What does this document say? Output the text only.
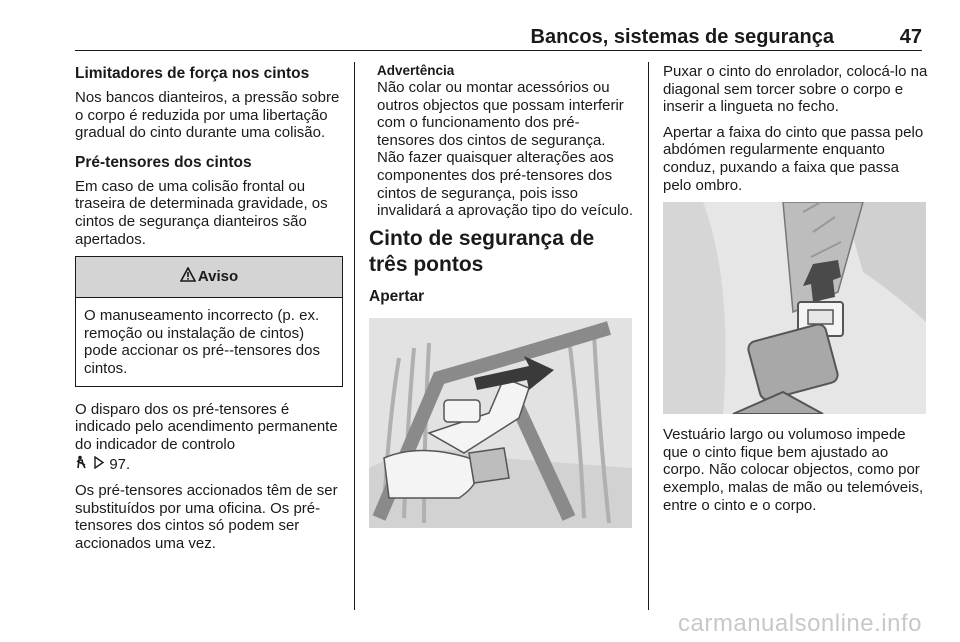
Bancos, sistemas de segurança	47
Limitadores de força nos cintos

Nos bancos dianteiros, a pressão sobre o corpo é reduzida por uma libertação gradual do cinto durante uma colisão.

Pré-tensores dos cintos

Em caso de uma colisão frontal ou traseira de determinada gravidade, os cintos de segurança dianteiros são apertados.

Aviso
O manuseamento incorrecto (p. ex. remoção ou instalação de cintos) pode accionar os pré--tensores dos cintos.

O disparo dos os pré-tensores é indicado pelo acendimento permanente do indicador de controlo

97.

Os pré-tensores accionados têm de ser substituídos por uma oficina. Os pré-tensores dos cintos só podem ser accionados uma vez.

Advertência
Não colar ou montar acessórios ou outros objectos que possam interferir com o funcionamento dos pré-tensores dos cintos de segurança. Não fazer quaisquer alterações aos componentes dos pré-tensores dos cintos de segurança, pois isso invalidará a aprovação tipo do veículo.
Cinto de segurança de três pontos
Apertar

Puxar o cinto do enrolador, colocá-lo na diagonal sem torcer sobre o corpo e inserir a lingueta no fecho.

Apertar a faixa do cinto que passa pelo abdómen regularmente enquanto conduz, puxando a faixa que passa pelo ombro.

Vestuário largo ou volumoso impede que o cinto fique bem ajustado ao corpo. Não colocar objectos, como por exemplo, malas de mão ou telemóveis, entre o cinto e o corpo.

carmanualsonline.info
